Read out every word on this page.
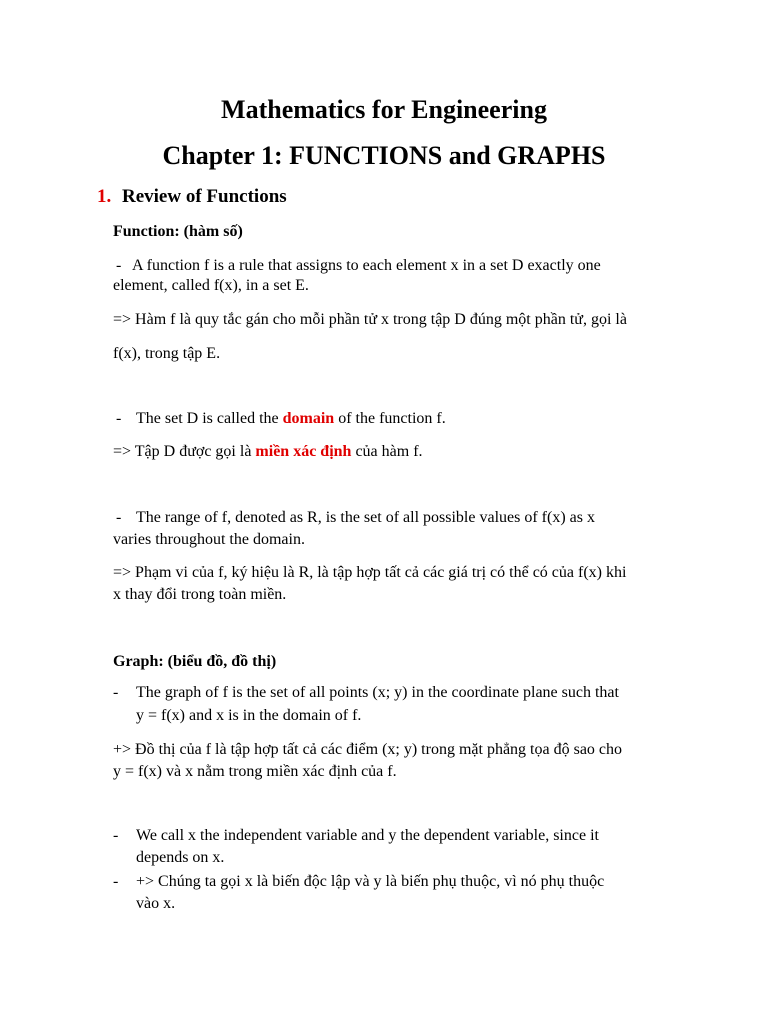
Mathematics for Engineering
Chapter 1: FUNCTIONS and GRAPHS
1. Review of Functions
Function: (hàm số)
- A function f is a rule that assigns to each element x in a set D exactly one
element, called f(x), in a set E.
=> Hàm f là quy tắc gán cho mỗi phần tử x trong tập D đúng một phần tử, gọi là
f(x), trong tập E.
- The set D is called the domain of the function f.
=> Tập D được gọi là miền xác định của hàm f.
- The range of f, denoted as R, is the set of all possible values of f(x) as x
varies throughout the domain.
=> Phạm vi của f, ký hiệu là R, là tập hợp tất cả các giá trị có thể có của f(x) khi
x thay đổi trong toàn miền.
Graph: (biểu đồ, đồ thị)
- The graph of f is the set of all points (x; y) in the coordinate plane such that
y = f(x) and x is in the domain of f.
+> Đồ thị của f là tập hợp tất cả các điểm (x; y) trong mặt phẳng tọa độ sao cho
y = f(x) và x nằm trong miền xác định của f.
- We call x the independent variable and y the dependent variable, since it
depends on x.
- +> Chúng ta gọi x là biến độc lập và y là biến phụ thuộc, vì nó phụ thuộc
vào x.
